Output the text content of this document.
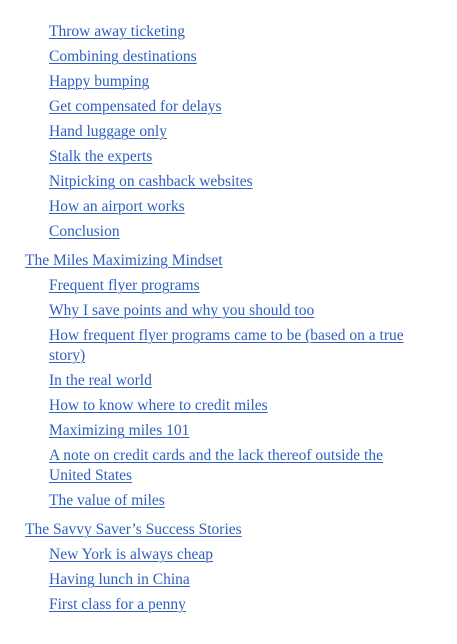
Throw away ticketing
Combining destinations
Happy bumping
Get compensated for delays
Hand luggage only
Stalk the experts
Nitpicking on cashback websites
How an airport works
Conclusion
The Miles Maximizing Mindset
Frequent flyer programs
Why I save points and why you should too
How frequent flyer programs came to be (based on a true story)
In the real world
How to know where to credit miles
Maximizing miles 101
A note on credit cards and the lack thereof outside the United States
The value of miles
The Savvy Saver’s Success Stories
New York is always cheap
Having lunch in China
First class for a penny
